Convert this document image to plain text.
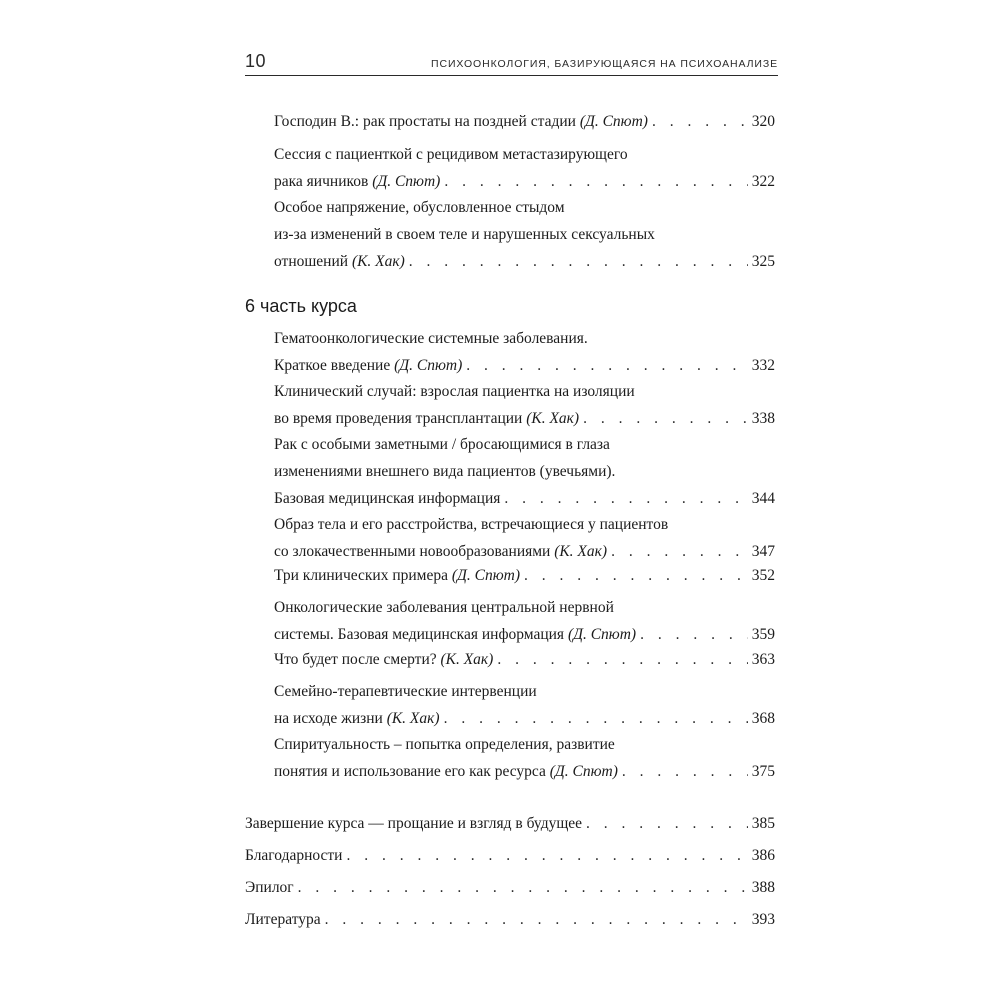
10	ПСИХООНКОЛОГИЯ, БАЗИРУЮЩАЯСЯ НА ПСИХОАНАЛИЗЕ
Господин В.: рак простаты на поздней стадии (Д. Спют) . . .	320
Сессия с пациенткой с рецидивом метастазирующего
рака яичников (Д. Спют) . . .	322
Особое напряжение, обусловленное стыдом
из-за изменений в своем теле и нарушенных сексуальных
отношений (К. Хак) . . .	325
6 часть курса
Гематоонкологические системные заболевания.
Краткое введение (Д. Спют) . . .	332
Клинический случай: взрослая пациентка на изоляции
во время проведения трансплантации (К. Хак) . . .	338
Рак с особыми заметными / бросающимися в глаза
изменениями внешнего вида пациентов (увечьями).
Базовая медицинская информация . . .	344
Образ тела и его расстройства, встречающиеся у пациентов
со злокачественными новообразованиями (К. Хак) . . .	347
Три клинических примера (Д. Спют) . . .	352
Онкологические заболевания центральной нервной
системы. Базовая медицинская информация (Д. Спют) . . .	359
Что будет после смерти? (К. Хак) . . .	363
Семейно-терапевтические интервенции
на исходе жизни (К. Хак) . . .	368
Спиритуальность – попытка определения, развитие
понятия и использование его как ресурса (Д. Спют) . . .	375
Завершение курса — прощание и взгляд в будущее . . .	385
Благодарности . . .	386
Эпилог . . .	388
Литература . . .	393
